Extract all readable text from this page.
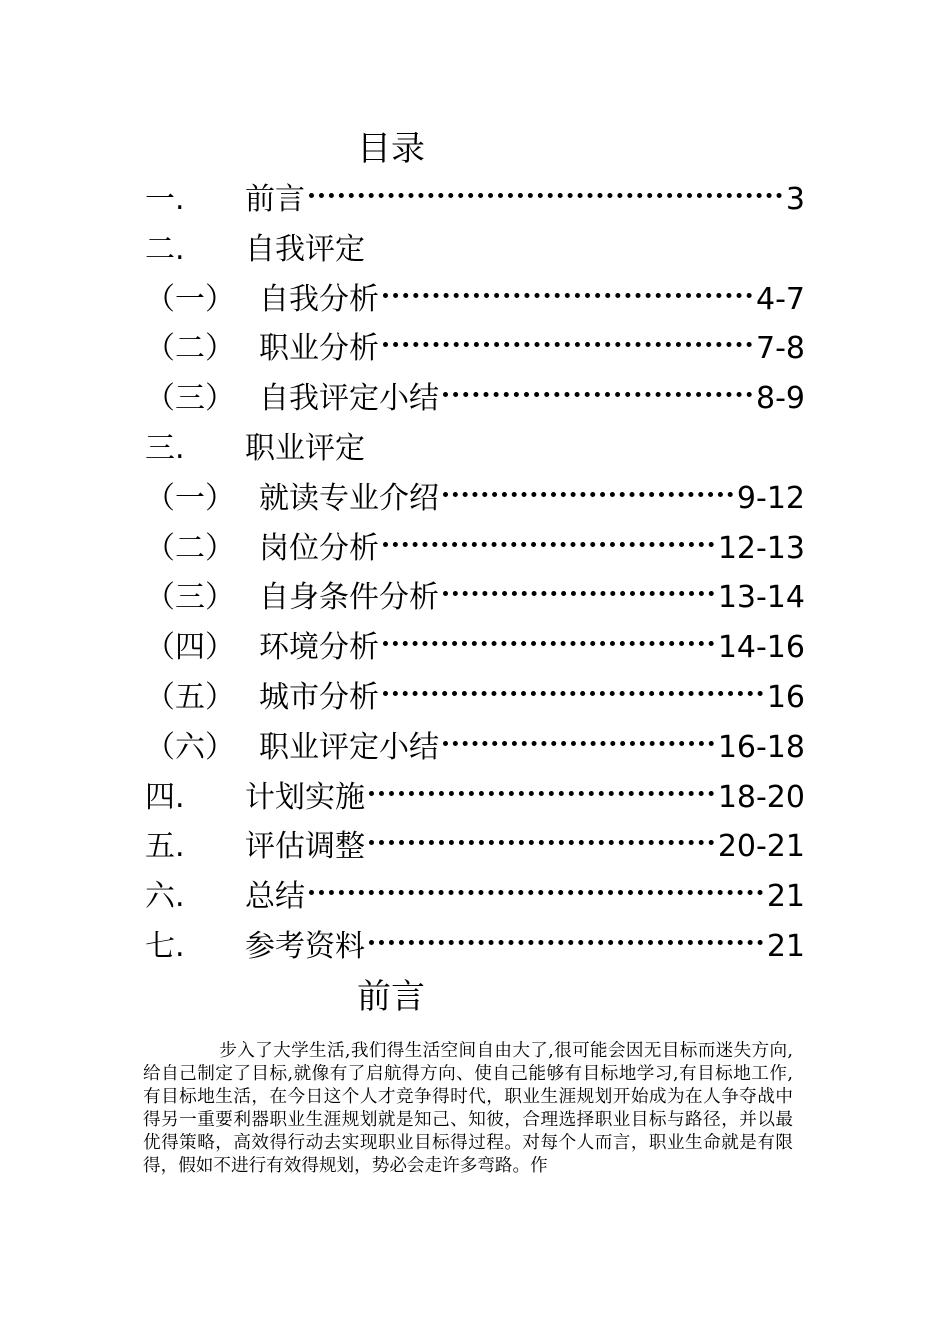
目录
一.	前言	3
二.	自我评定
（一） 自我分析	4-7
（二） 职业分析	7-8
（三） 自我评定小结	8-9
三.	职业评定
（一） 就读专业介绍	9-12
（二） 岗位分析	12-13
（三） 自身条件分析	13-14
（四） 环境分析	14-16
（五） 城市分析	16
（六） 职业评定小结	16-18
四.	计划实施	18-20
五.	评估调整	20-21
六.	总结	21
七.	参考资料	21
前言
步入了大学生活,我们得生活空间自由大了,很可能会因无目标而迷失方向,给自己制定了目标,就像有了启航得方向、使自己能够有目标地学习,有目标地工作,有目标地生活，在今日这个人才竞争得时代，职业生涯规划开始成为在人争夺战中得另一重要利器职业生涯规划就是知己、知彼，合理选择职业目标与路径，并以最优得策略，高效得行动去实现职业目标得过程。对每个人而言，职业生命就是有限得，假如不进行有效得规划，势必会走许多弯路。作
